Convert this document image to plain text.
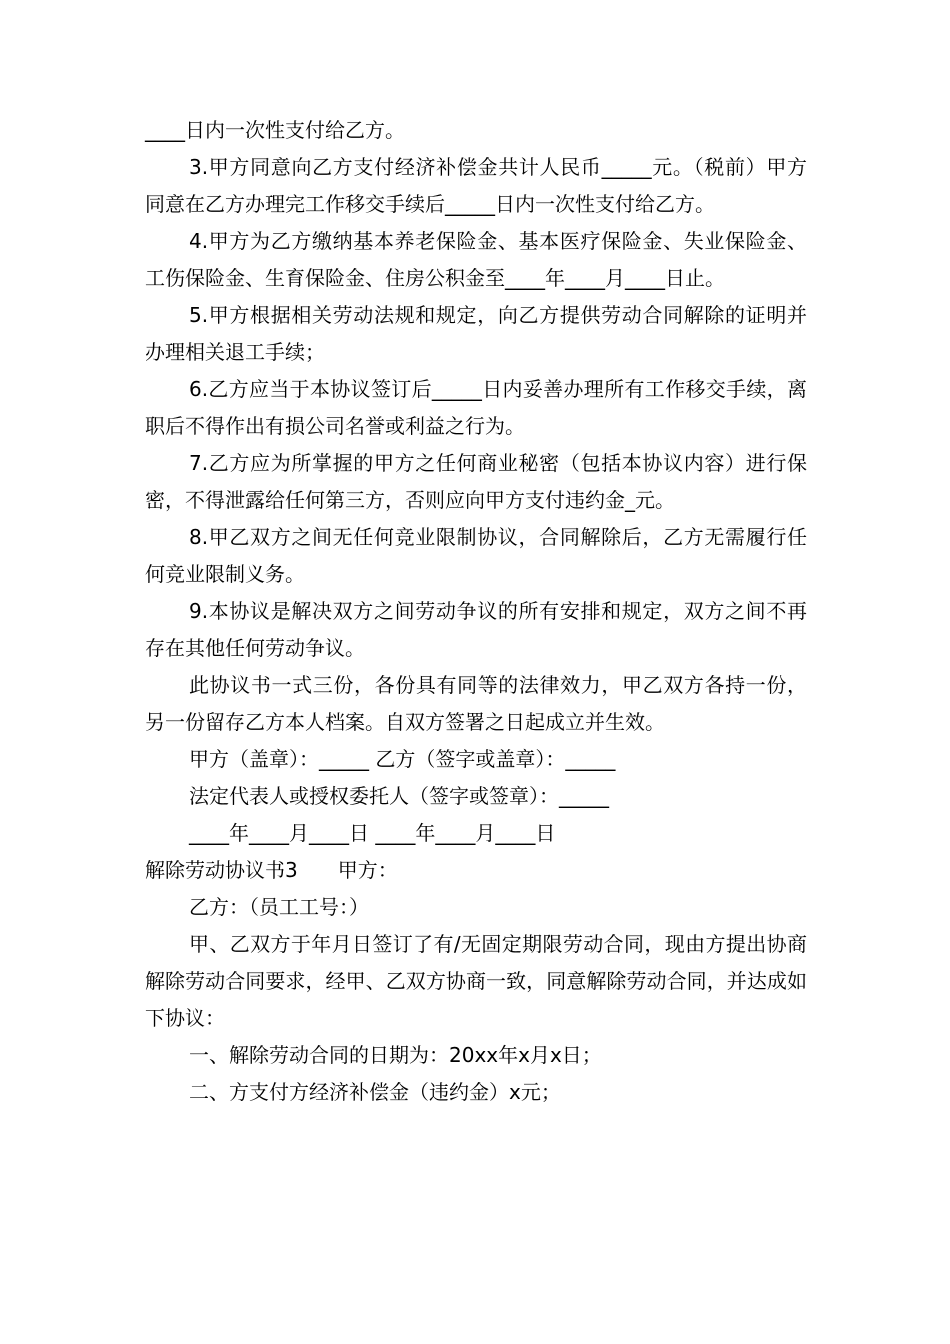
____日内一次性支付给乙方。

3.甲方同意向乙方支付经济补偿金共计人民币_____元。（税前）甲方同意在乙方办理完工作移交手续后_____日内一次性支付给乙方。

4.甲方为乙方缴纳基本养老保险金、基本医疗保险金、失业保险金、工伤保险金、生育保险金、住房公积金至____年____月____日止。

5.甲方根据相关劳动法规和规定，向乙方提供劳动合同解除的证明并办理相关退工手续；

6.乙方应当于本协议签订后_____日内妥善办理所有工作移交手续，离职后不得作出有损公司名誉或利益之行为。

7.乙方应为所掌握的甲方之任何商业秘密（包括本协议内容）进行保密，不得泄露给任何第三方，否则应向甲方支付违约金_元。

8.甲乙双方之间无任何竞业限制协议，合同解除后，乙方无需履行任何竞业限制义务。

9.本协议是解决双方之间劳动争议的所有安排和规定，双方之间不再存在其他任何劳动争议。

此协议书一式三份，各份具有同等的法律效力，甲乙双方各持一份，另一份留存乙方本人档案。自双方签署之日起成立并生效。

甲方（盖章）：_____ 乙方（签字或盖章）：_____

法定代表人或授权委托人（签字或签章）：_____

____年____月____日 ____年____月____日

解除劳动协议书3　　甲方：

乙方：（员工工号：）

甲、乙双方于年月日签订了有/无固定期限劳动合同，现由方提出协商解除劳动合同要求，经甲、乙双方协商一致，同意解除劳动合同，并达成如下协议：

一、解除劳动合同的日期为：20xx年x月x日；

二、方支付方经济补偿金（违约金）x元；
